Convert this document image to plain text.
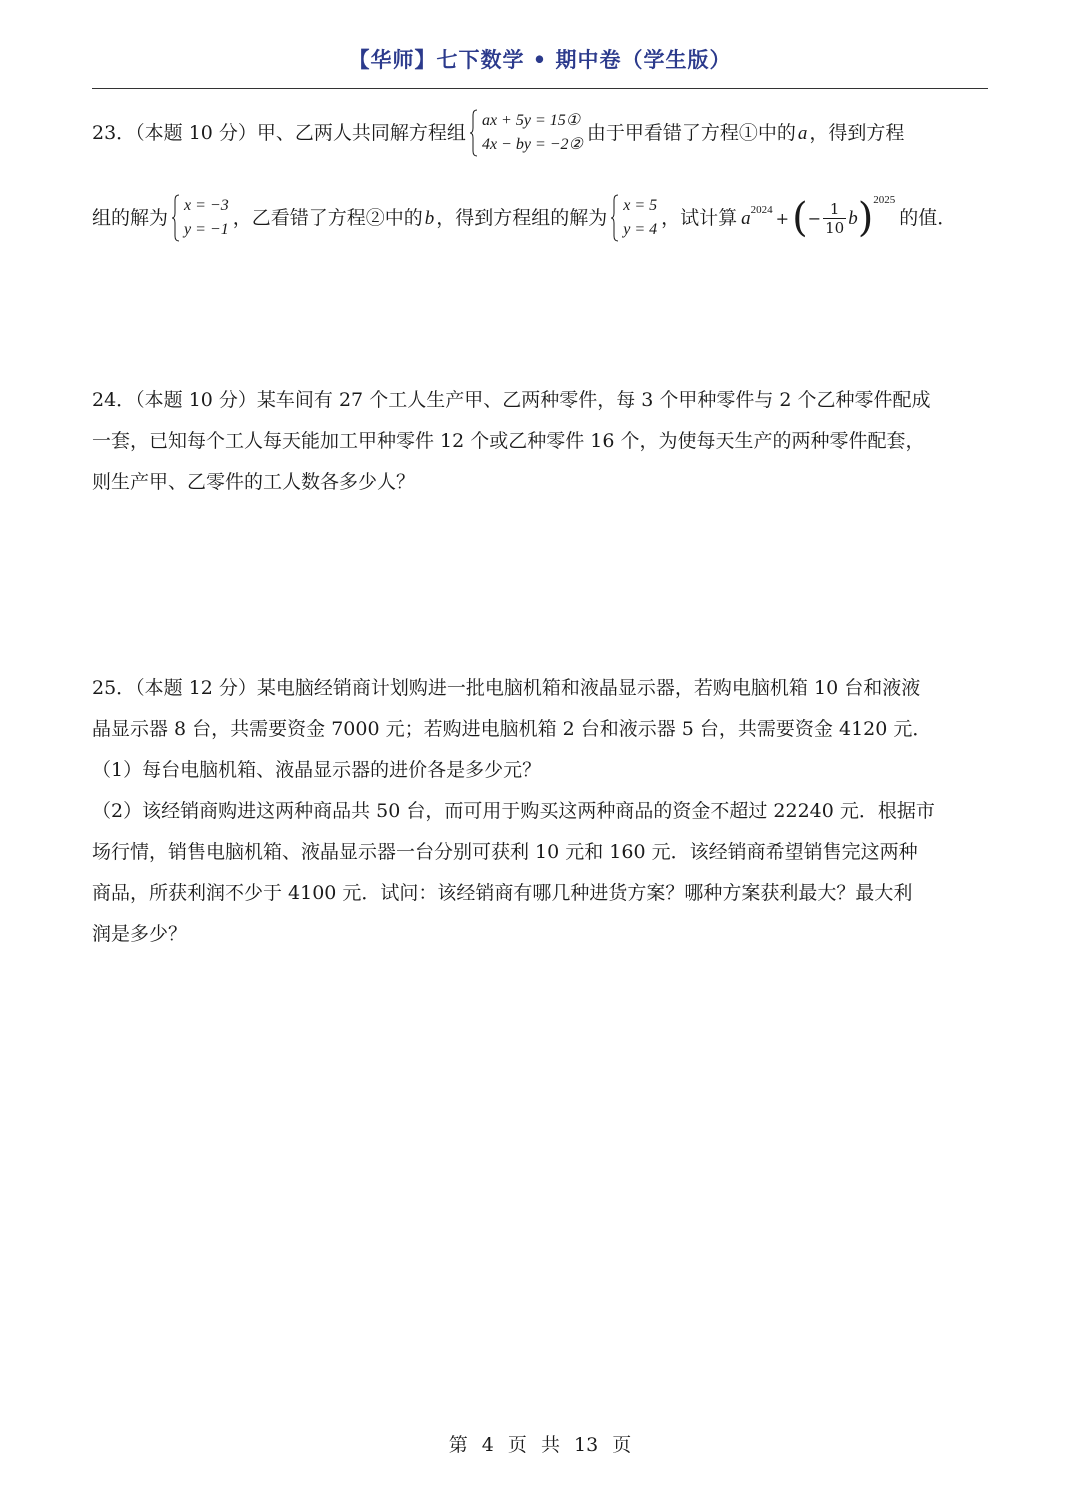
【华师】七下数学 • 期中卷（学生版）
23．（本题 10 分）甲、乙两人共同解方程组
ax + 5y = 15①
4x − by = −2②
由于甲看错了方程①中的 a ，得到方程
组的解为
x = −3
y = −1
，乙看错了方程②中的 b ，得到方程组的解为
x = 5
y = 4
，试计算 $a^{2024}$ + ( − $\frac{1}{10}$ b )$^{2025}$
的值．
24．（本题 10 分）某车间有 27 个工人生产甲、乙两种零件，每 3 个甲种零件与 2 个乙种零件配成
一套，已知每个工人每天能加工甲种零件 12 个或乙种零件 16 个，为使每天生产的两种零件配套，
则生产甲、乙零件的工人数各多少人？
25．（本题 12 分）某电脑经销商计划购进一批电脑机箱和液晶显示器，若购电脑机箱 10 台和液液
晶显示器 8 台，共需要资金 7000 元；若购进电脑机箱 2 台和液示器 5 台，共需要资金 4120 元．
（1）每台电脑机箱、液晶显示器的进价各是多少元？
（2）该经销商购进这两种商品共 50 台，而可用于购买这两种商品的资金不超过 22240 元．根据市
场行情，销售电脑机箱、液晶显示器一台分别可获利 10 元和 160 元．该经销商希望销售完这两种
商品，所获利润不少于 4100 元．试问：该经销商有哪几种进货方案？哪种方案获利最大？最大利
润是多少？
第 4 页 共 13 页
